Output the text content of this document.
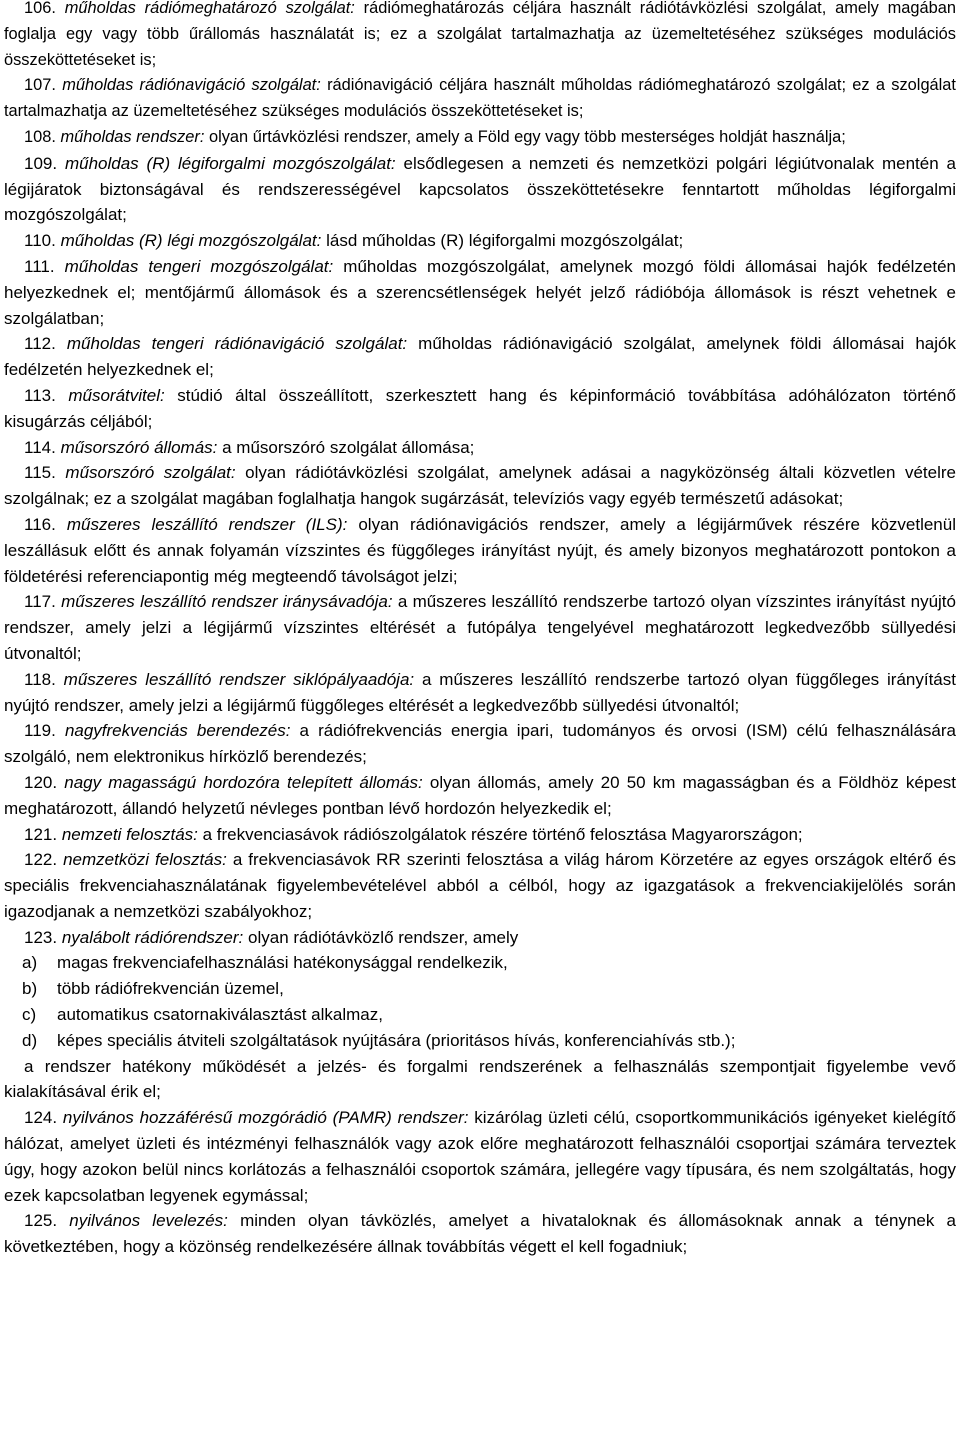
106. műholdas rádiómeghatározó szolgálat: rádiómeghatározás céljára használt rádiótávközlési szolgálat, amely magában foglalja egy vagy több űrállomás használatát is; ez a szolgálat tartalmazhatja az üzemeltetéséhez szükséges modulációs összeköttetéseket is;

107. műholdas rádiónavigáció szolgálat: rádiónavigáció céljára használt műholdas rádiómeghatározó szolgálat; ez a szolgálat tartalmazhatja az üzemeltetéséhez szükséges modulációs összeköttetéseket is;

108. műholdas rendszer: olyan űrtávközlési rendszer, amely a Föld egy vagy több mesterséges holdját használja;

109. műholdas (R) légiforgalmi mozgószolgálat: elsődlegesen a nemzeti és nemzetközi polgári légiútvonalak mentén a légijáratok biztonságával és rendszerességével kapcsolatos összeköttetésekre fenntartott műholdas légiforgalmi mozgószolgálat;

110. műholdas (R) légi mozgószolgálat: lásd műholdas (R) légiforgalmi mozgószolgálat;

111. műholdas tengeri mozgószolgálat: műholdas mozgószolgálat, amelynek mozgó földi állomásai hajók fedélzetén helyezkednek el; mentőjármű állomások és a szerencsétlenségek helyét jelző rádióbója állomások is részt vehetnek e szolgálatban;

112. műholdas tengeri rádiónavigáció szolgálat: műholdas rádiónavigáció szolgálat, amelynek földi állomásai hajók fedélzetén helyezkednek el;

113. műsorátvitel: stúdió által összeállított, szerkesztett hang és képinformáció továbbítása adóhálózaton történő kisugárzás céljából;

114. műsorszóró állomás: a műsorszóró szolgálat állomása;

115. műsorszóró szolgálat: olyan rádiótávközlési szolgálat, amelynek adásai a nagyközönség általi közvetlen vételre szolgálnak; ez a szolgálat magában foglalhatja hangok sugárzását, televíziós vagy egyéb természetű adásokat;

116. műszeres leszállító rendszer (ILS): olyan rádiónavigációs rendszer, amely a légijárművek részére közvetlenül leszállásuk előtt és annak folyamán vízszintes és függőleges irányítást nyújt, és amely bizonyos meghatározott pontokon a földetérési referenciapontig még megteendő távolságot jelzi;

117. műszeres leszállító rendszer iránysávadója: a műszeres leszállító rendszerbe tartozó olyan vízszintes irányítást nyújtó rendszer, amely jelzi a légijármű vízszintes eltérését a futópálya tengelyével meghatározott legkedvezőbb süllyedési útvonaltól;

118. műszeres leszállító rendszer siklópályaadója: a műszeres leszállító rendszerbe tartozó olyan függőleges irányítást nyújtó rendszer, amely jelzi a légijármű függőleges eltérését a legkedvezőbb süllyedési útvonaltól;

119. nagyfrekvenciás berendezés: a rádiófrekvenciás energia ipari, tudományos és orvosi (ISM) célú felhasználására szolgáló, nem elektronikus hírközlő berendezés;

120. nagy magasságú hordozóra telepített állomás: olyan állomás, amely 20 50 km magasságban és a Földhöz képest meghatározott, állandó helyzetű névleges pontban lévő hordozón helyezkedik el;

121. nemzeti felosztás: a frekvenciasávok rádiószolgálatok részére történő felosztása Magyarországon;

122. nemzetközi felosztás: a frekvenciasávok RR szerinti felosztása a világ három Körzetére az egyes országok eltérő és speciális frekvenciahasználatának figyelembevételével abból a célból, hogy az igazgatások a frekvenciakijelölés során igazodjanak a nemzetközi szabályokhoz;

123. nyalábolt rádiórendszer: olyan rádiótávközlő rendszer, amely

a) magas frekvenciafelhasználási hatékonysággal rendelkezik,

b) több rádiófrekvencián üzemel,

c) automatikus csatornakiválasztást alkalmaz,

d) képes speciális átviteli szolgáltatások nyújtására (prioritásos hívás, konferenciahívás stb.);

a rendszer hatékony működését a jelzés- és forgalmi rendszerének a felhasználás szempontjait figyelembe vevő kialakításával érik el;

124. nyilvános hozzáférésű mozgórádió (PAMR) rendszer: kizárólag üzleti célú, csoportkommunikációs igényeket kielégítő hálózat, amelyet üzleti és intézményi felhasználók vagy azok előre meghatározott felhasználói csoportjai számára terveztek úgy, hogy azokon belül nincs korlátozás a felhasználói csoportok számára, jellegére vagy típusára, és nem szolgáltatás, hogy ezek kapcsolatban legyenek egymással;

125. nyilvános levelezés: minden olyan távközlés, amelyet a hivataloknak és állomásoknak annak a ténynek a következtében, hogy a közönség rendelkezésére állnak továbbítás végett el kell fogadniuk;
